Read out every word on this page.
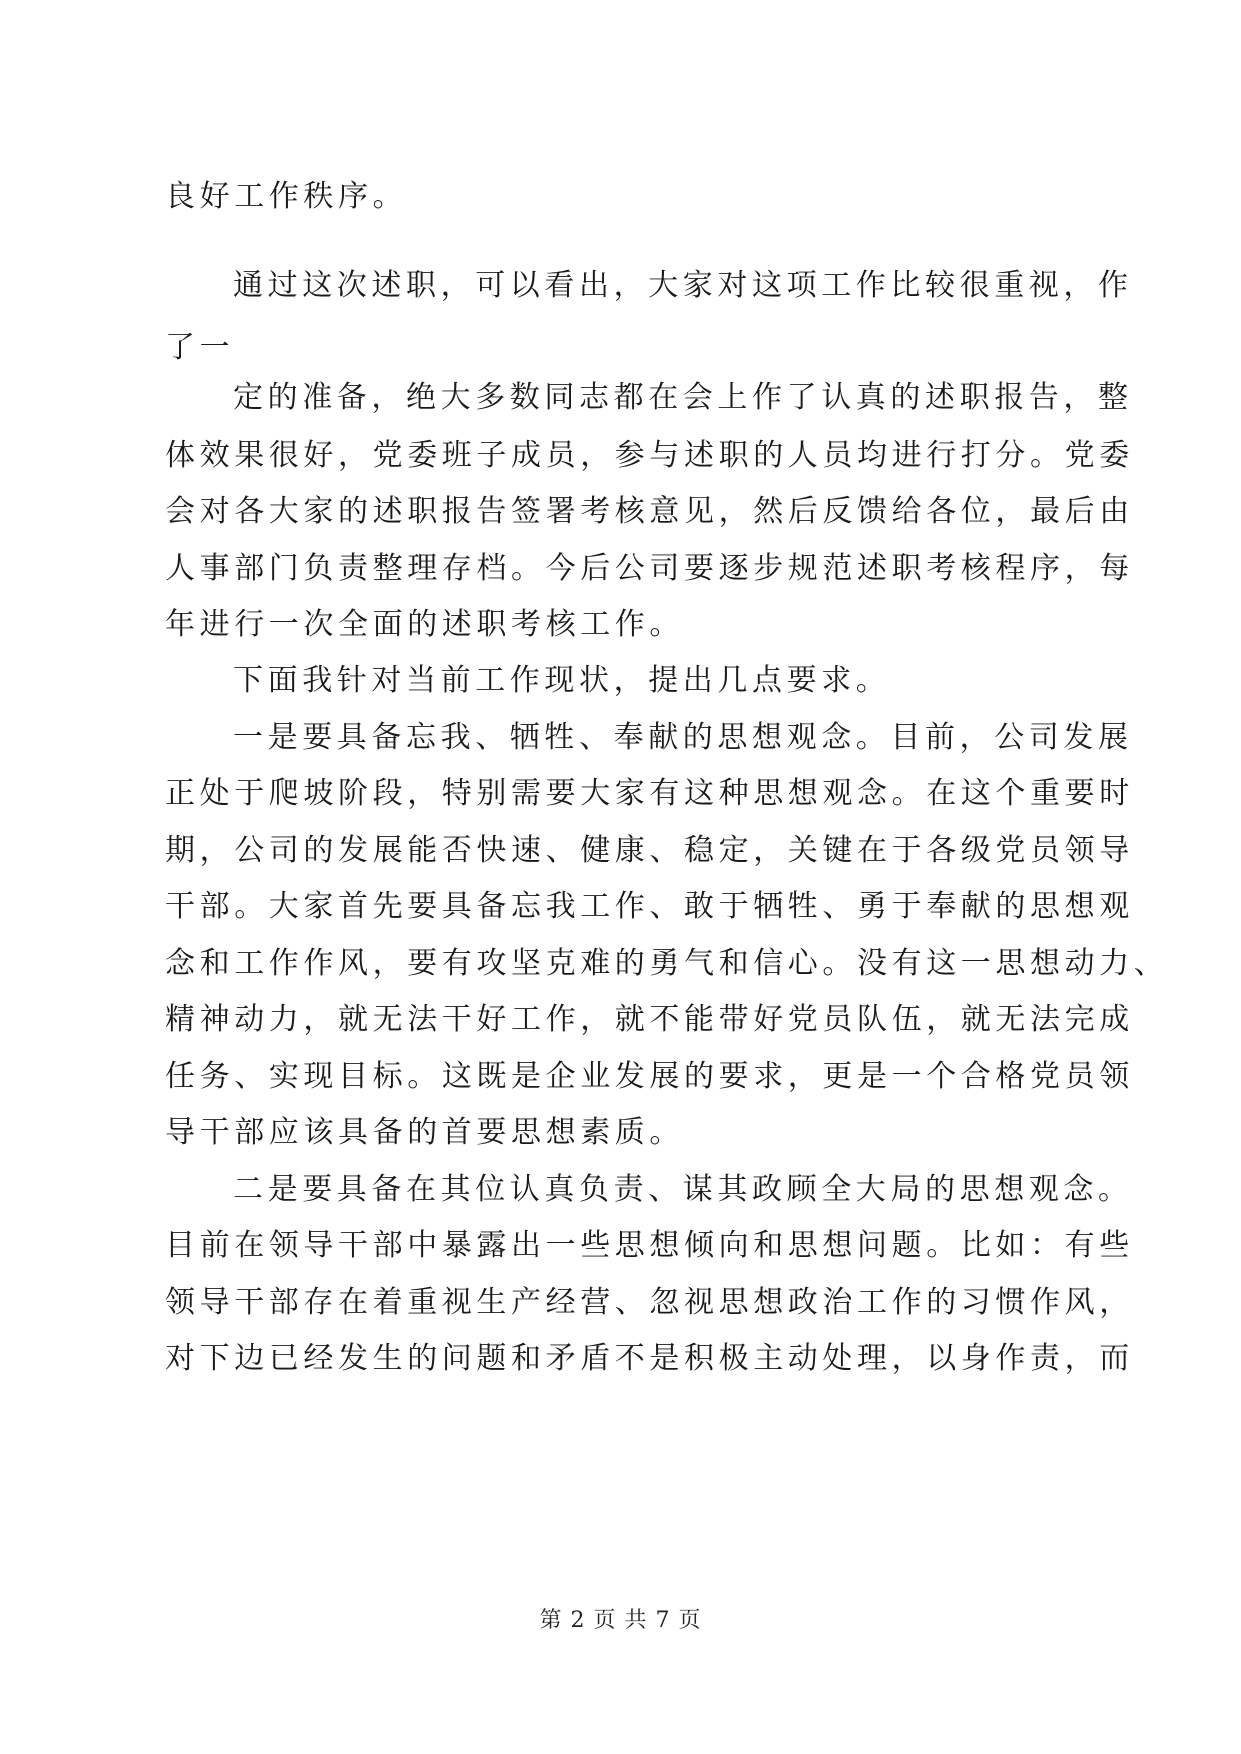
良好工作秩序。
通过这次述职，可以看出，大家对这项工作比较很重视，作
了一
定的准备，绝大多数同志都在会上作了认真的述职报告，整
体效果很好，党委班子成员，参与述职的人员均进行打分。党委
会对各大家的述职报告签署考核意见，然后反馈给各位，最后由
人事部门负责整理存档。今后公司要逐步规范述职考核程序，每
年进行一次全面的述职考核工作。
下面我针对当前工作现状，提出几点要求。
一是要具备忘我、牺牲、奉献的思想观念。目前，公司发展
正处于爬坡阶段，特别需要大家有这种思想观念。在这个重要时
期，公司的发展能否快速、健康、稳定，关键在于各级党员领导
干部。大家首先要具备忘我工作、敢于牺牲、勇于奉献的思想观
念和工作作风，要有攻坚克难的勇气和信心。没有这一思想动力、
精神动力，就无法干好工作，就不能带好党员队伍，就无法完成
任务、实现目标。这既是企业发展的要求，更是一个合格党员领
导干部应该具备的首要思想素质。
二是要具备在其位认真负责、谋其政顾全大局的思想观念。
目前在领导干部中暴露出一些思想倾向和思想问题。比如：有些
领导干部存在着重视生产经营、忽视思想政治工作的习惯作风，
对下边已经发生的问题和矛盾不是积极主动处理，以身作责，而
第 2 页 共 7 页
